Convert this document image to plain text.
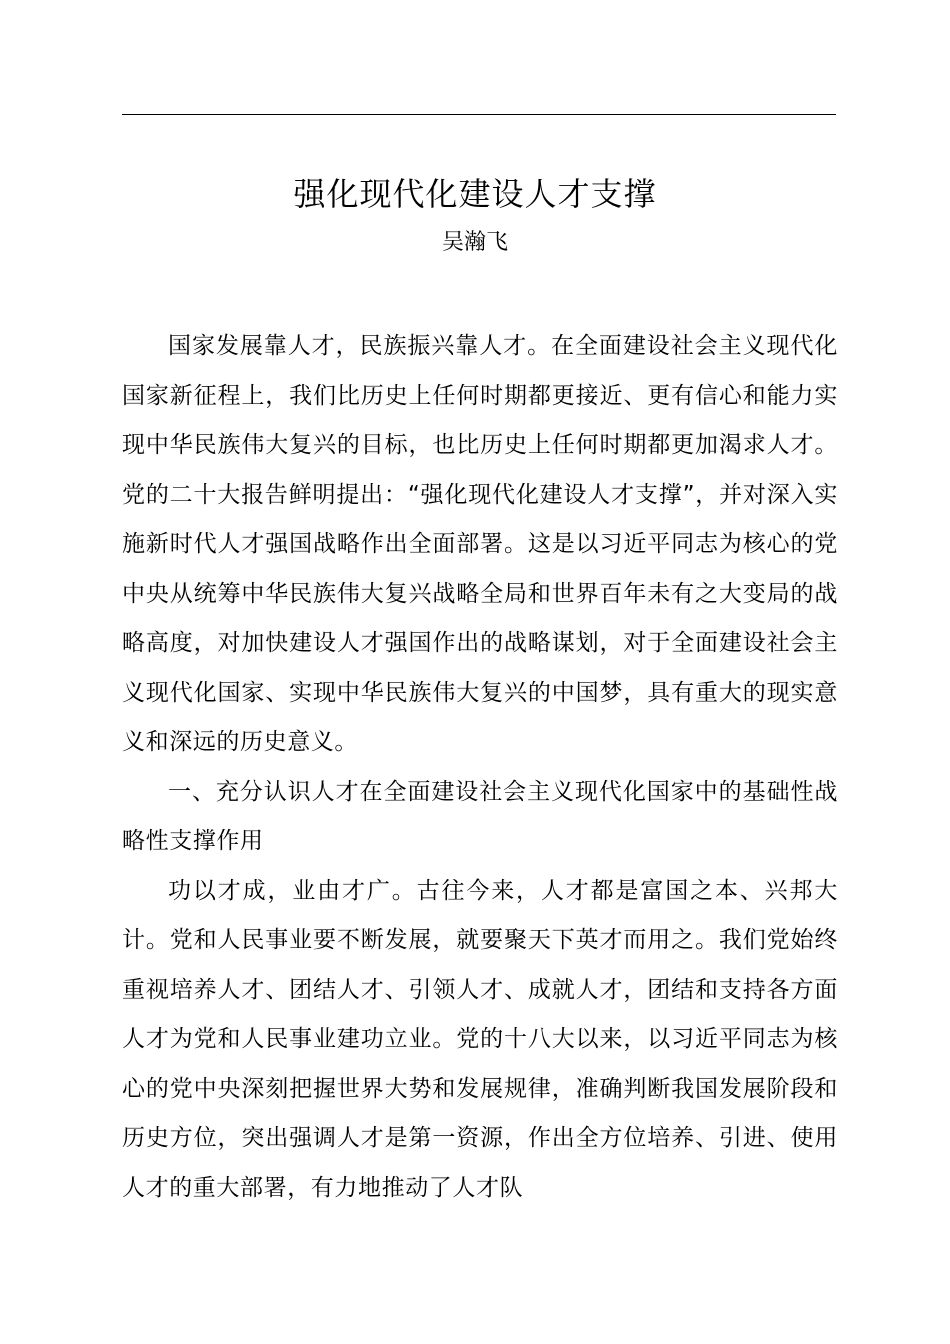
强化现代化建设人才支撑
吴瀚飞

国家发展靠人才，民族振兴靠人才。在全面建设社会主义现代化国家新征程上，我们比历史上任何时期都更接近、更有信心和能力实现中华民族伟大复兴的目标，也比历史上任何时期都更加渴求人才。党的二十大报告鲜明提出：“强化现代化建设人才支撑”，并对深入实施新时代人才强国战略作出全面部署。这是以习近平同志为核心的党中央从统筹中华民族伟大复兴战略全局和世界百年未有之大变局的战略高度，对加快建设人才强国作出的战略谋划，对于全面建设社会主义现代化国家、实现中华民族伟大复兴的中国梦，具有重大的现实意义和深远的历史意义。

一、充分认识人才在全面建设社会主义现代化国家中的基础性战略性支撑作用

功以才成，业由才广。古往今来，人才都是富国之本、兴邦大计。党和人民事业要不断发展，就要聚天下英才而用之。我们党始终重视培养人才、团结人才、引领人才、成就人才，团结和支持各方面人才为党和人民事业建功立业。党的十八大以来，以习近平同志为核心的党中央深刻把握世界大势和发展规律，准确判断我国发展阶段和历史方位，突出强调人才是第一资源，作出全方位培养、引进、使用人才的重大部署，有力地推动了人才队
